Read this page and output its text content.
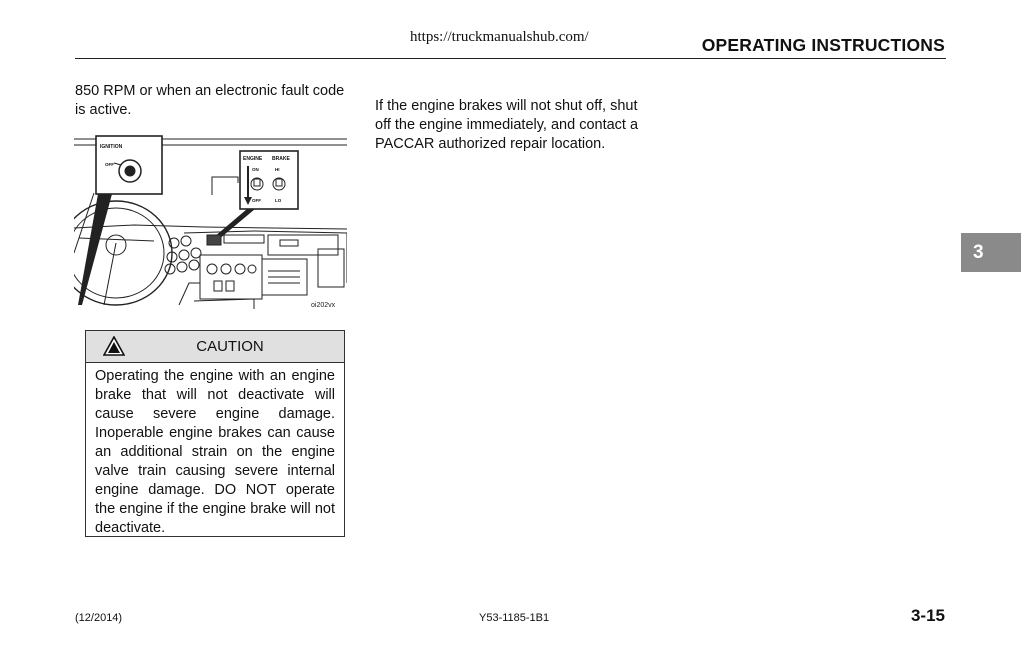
https://truckmanualshub.com/	OPERATING INSTRUCTIONS

850 RPM or when an electronic fault code is active.

IGNITION
OFF
ENGINE BRAKE
ON	HI
OFF	LO
oi202vx
CAUTION
Operating the engine with an engine brake that will not deactivate will cause severe engine damage. Inoperable engine brakes can cause an additional strain on the engine valve train causing severe internal engine damage. DO NOT operate the engine if the engine brake will not deactivate.

If the engine brakes will not shut off, shut off the engine immediately, and contact a PACCAR authorized repair location.

3
(12/2014)	Y53-1185-1B1	3-15
